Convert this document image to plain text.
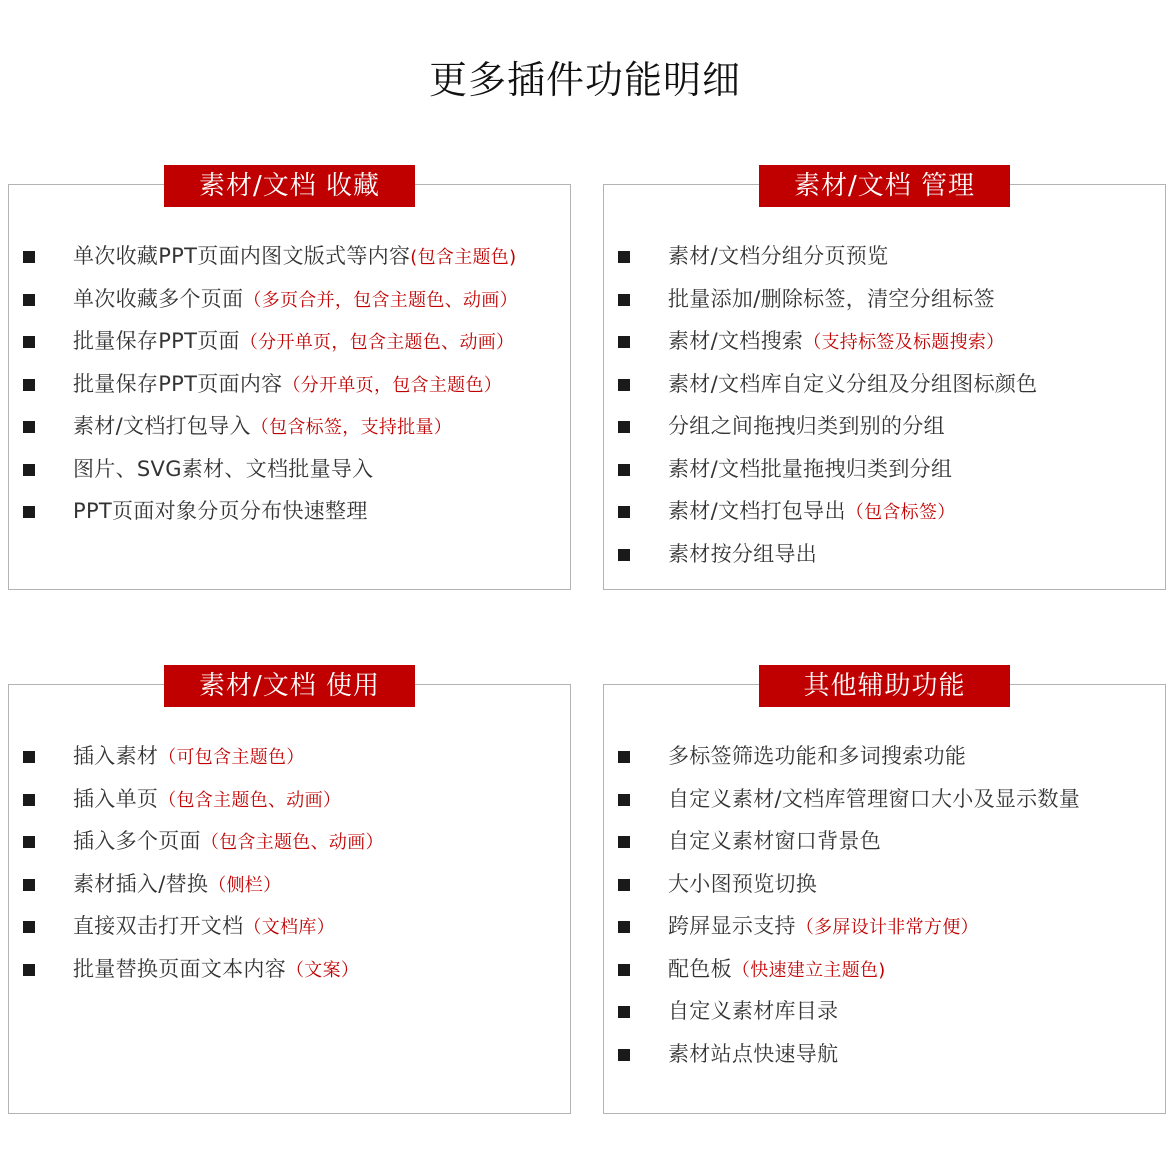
更多插件功能明细
素材/文档 收藏
单次收藏PPT页面内图文版式等内容(包含主题色)
单次收藏多个页面（多页合并，包含主题色、动画）
批量保存PPT页面（分开单页，包含主题色、动画）
批量保存PPT页面内容（分开单页，包含主题色）
素材/文档打包导入（包含标签，支持批量）
图片、SVG素材、文档批量导入
PPT页面对象分页分布快速整理
素材/文档 管理
素材/文档分组分页预览
批量添加/删除标签，清空分组标签
素材/文档搜索（支持标签及标题搜索）
素材/文档库自定义分组及分组图标颜色
分组之间拖拽归类到别的分组
素材/文档批量拖拽归类到分组
素材/文档打包导出（包含标签）
素材按分组导出
素材/文档 使用
插入素材（可包含主题色）
插入单页（包含主题色、动画）
插入多个页面（包含主题色、动画）
素材插入/替换（侧栏）
直接双击打开文档（文档库）
批量替换页面文本内容（文案）
其他辅助功能
多标签筛选功能和多词搜索功能
自定义素材/文档库管理窗口大小及显示数量
自定义素材窗口背景色
大小图预览切换
跨屏显示支持（多屏设计非常方便）
配色板（快速建立主题色)
自定义素材库目录
素材站点快速导航
